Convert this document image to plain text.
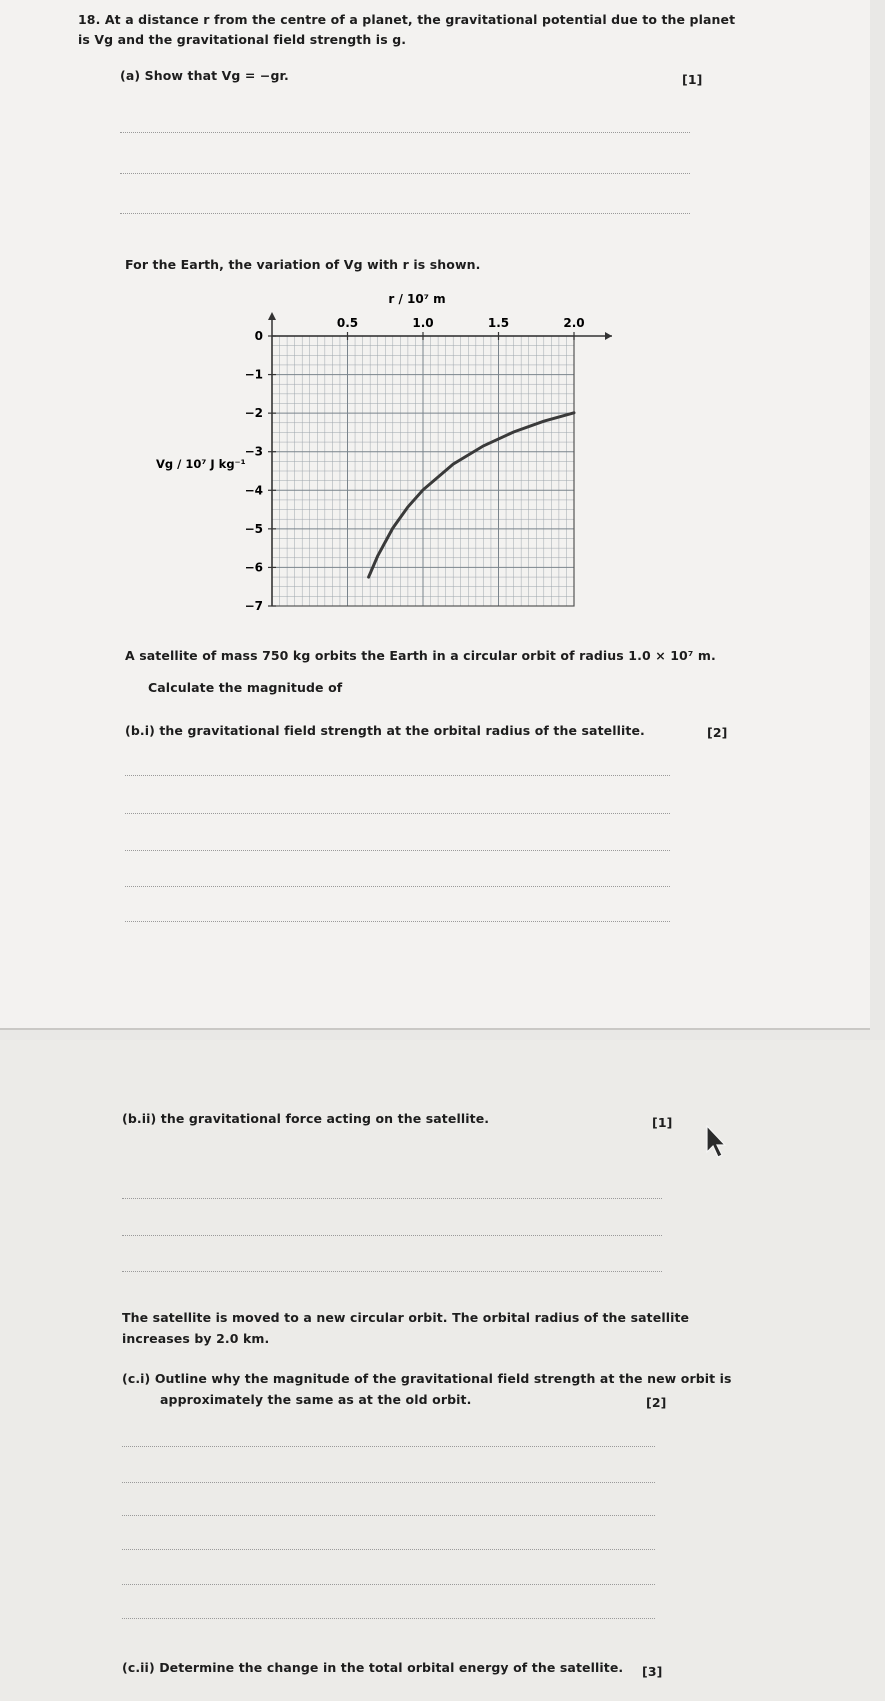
18. At a distance r from the centre of a planet, the gravitational potential due to the planet
is Vg and the gravitational field strength is g.
(a) Show that Vg = −gr.	[1]
For the Earth, the variation of Vg with r is shown.
r / 10⁷ m
Vg / 10⁷ J kg⁻¹
0.5	1.0	1.5	2.0
0
−1
−2
−3
−4
−5
−6
−7
A satellite of mass 750 kg orbits the Earth in a circular orbit of radius 1.0 × 10⁷ m.
Calculate the magnitude of
(b.i) the gravitational field strength at the orbital radius of the satellite.	[2]
(b.ii) the gravitational force acting on the satellite.	[1]
The satellite is moved to a new circular orbit. The orbital radius of the satellite
increases by 2.0 km.
(c.i) Outline why the magnitude of the gravitational field strength at the new orbit is
approximately the same as at the old orbit.	[2]
(c.ii) Determine the change in the total orbital energy of the satellite. [3]
